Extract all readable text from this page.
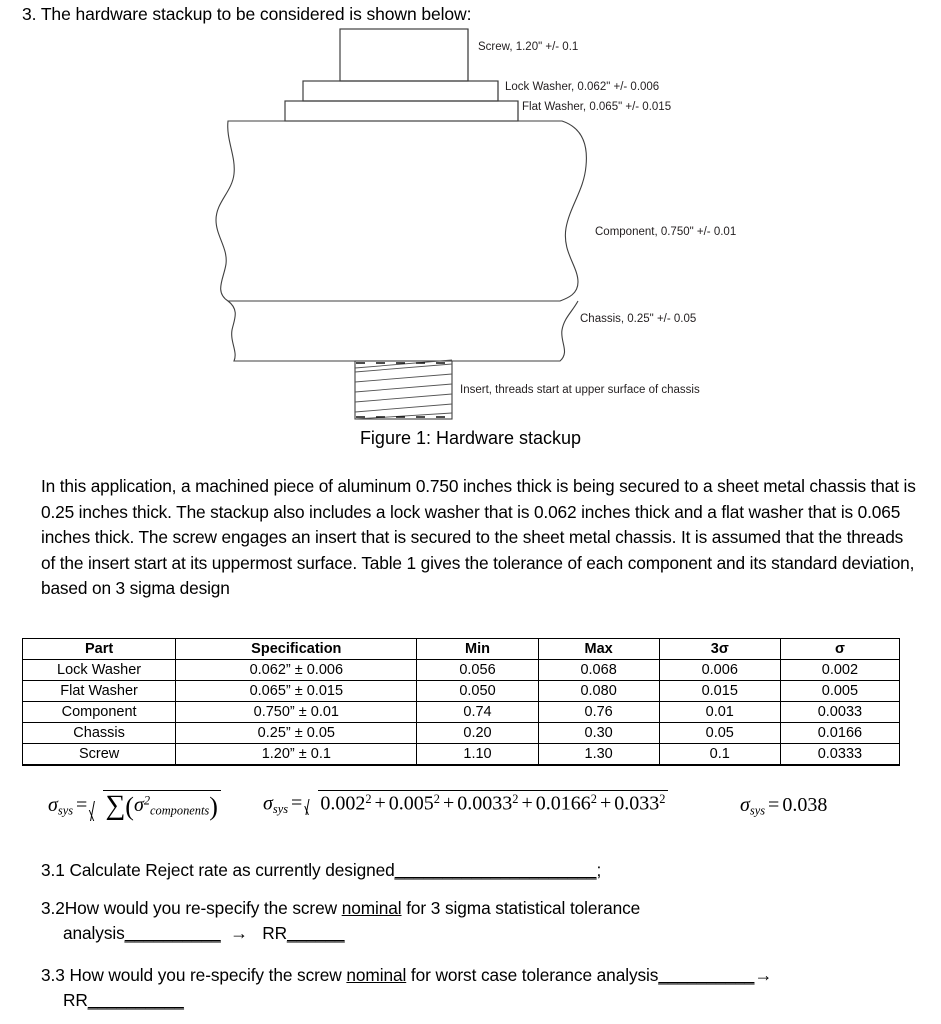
3. The hardware stackup to be considered is shown below:
Screw, 1.20" +/- 0.1
Lock Washer, 0.062" +/- 0.006
Flat Washer, 0.065" +/- 0.015
Component, 0.750" +/- 0.01
Chassis, 0.25" +/- 0.05
Insert, threads start at upper surface of chassis
Figure 1: Hardware stackup
In this application, a machined piece of aluminum 0.750 inches thick is being secured to a sheet metal chassis that is 0.25 inches thick. The stackup also includes a lock washer that is 0.062 inches thick and a flat washer that is 0.065 inches thick. The screw engages an insert that is secured to the sheet metal chassis. It is assumed that the threads of the insert start at its uppermost surface. Table 1 gives the tolerance of each component and its standard deviation, based on 3 sigma design
Part	Specification	Min	Max	3σ	σ
Lock Washer	0.062” ± 0.006	0.056	0.068	0.006	0.002
Flat Washer	0.065” ± 0.015	0.050	0.080	0.015	0.005
Component	0.750” ± 0.01	0.74	0.76	0.01	0.0033
Chassis	0.25” ± 0.05	0.20	0.30	0.05	0.0166
Screw	1.20” ± 0.1	1.10	1.30	0.1	0.0333
$\sigma_{sys} = \sum(\sigma^2_{components}) \sigma_{sys} = 0.002^2 + 0.005^2 + 0.0033^2 + 0.0166^2 + 0.033^2$	$\sigma_{sys} = 0.038$
3.1 Calculate Reject rate as currently designed_____________________;
3.2How would you re-specify the screw nominal for 3 sigma statistical tolerance
analysis__________ → RR______
3.3 How would you re-specify the screw nominal for worst case tolerance analysis__________→
RR__________
